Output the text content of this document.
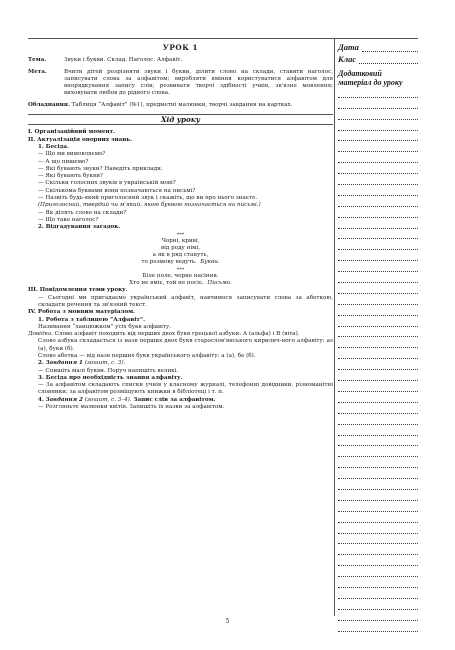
УРОК 1
Тема.	Звуки і букви. Склад. Наголос. Алфавіт.
Мета.	Вчити дітей розрізняти звуки і букви, ділити слово на склади, ставити наголос, записувати слова за алфавітом; виробляти вміння користуватися алфавітом для впорядкування запису слів; розвивати творчі здібності учнів, зв'язне мовлення; виховувати любов до рідного слова.
Обладнання. Таблиця “Алфавіт” (№1), предметні малюнки, творчі завдання на картках.
Хід уроку
I. Організаційний момент.
II. Актуалізація опорних знань.
1. Бесіда.
— Що ми вимовляємо?
— А що пишемо?
— Які бувають звуки? Наведіть приклади.
— Які бувають букви?
— Скільки голосних звуків в українській мові?
— Скількома буквами вони позначаються на письмі?
— Назвіть будь-який приголосний звук і скажіть, що ви про нього знаєте.
(Приголосний, твердий чи м'який, якою буквою позначається на письмі.)
— Як ділять слово на склади?
— Що таке наголос?
2. Відгадування загадок.
***
Чорні, криві,
від роду німі,
а як в ряд стануть,
то розмову ведуть. Букви.
***
Біле поле, чорне насіння.
Хто не вміє, той не посіє. Письмо.
III. Повідомлення теми уроку.
— Сьогодні ми пригадаємо український алфавіт, навчимося записувати слова за абеткою, складати речення та зв'язний текст.
IV. Робота з мовним матеріалом.
1. Робота з таблицею “Алфавіт”.
Називання “ланцюжком” усіх букв алфавіту.
Довідка. Слово алфавіт походить від перших двох букв грецької азбуки: А (альфа) і В (віта).
Слово азбука складається із назв перших двох букв старослов'янського кирилич-ного алфавіту: аз (а), буки (б).
Слово абетка — від назв перших букв українського алфавіту: а (а), бе (б).
2. Завдання 1 (зошит, с. 3).
— Спишіть малі букви. Поруч напишіть великі.
3. Бесіда про необхідність знання алфавіту.
— За алфавітом складають списки учнів у класному журналі, телефонні довідники, різноманітні словники; за алфавітом розміщують книжки в бібліотеці і т. п.
4. Завдання 2 (зошит, с. 3–4). Запис слів за алфавітом.
— Розгляньте малюнки квітів. Запишіть їх назви за алфавітом.
Дата
Клас
Додатковий
матеріал до уроку
5
